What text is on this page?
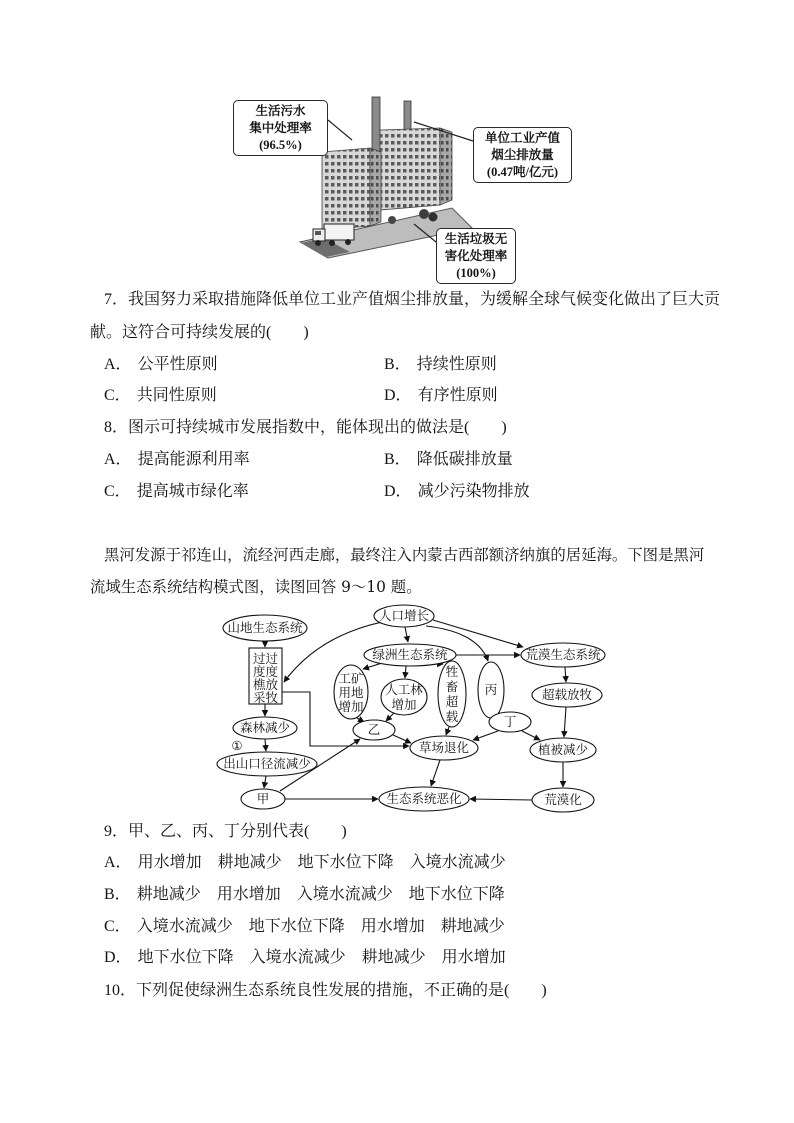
生活污水
集中处理率
(96.5%)	单位工业产值
烟尘排放量
(0.47吨/亿元)
生活垃圾无
害化处理率
(100%)
7．我国努力采取措施降低单位工业产值烟尘排放量，为缓解全球气候变化做出了巨大贡
献。这符合可持续发展的(　　)
A． 公平性原则	B． 持续性原则
C． 共同性原则	D． 有序性原则
8．图示可持续城市发展指数中，能体现出的做法是(　　)
A． 提高能源利用率	B． 降低碳排放量
C． 提高城市绿化率	D． 减少污染物排放
黑河发源于祁连山，流经河西走廊，最终注入内蒙古西部额济纳旗的居延海。下图是黑河
流域生态系统结构模式图，读图回答 9～10 题。
人口增长
山地生态系统
绿洲生态系统	荒漠生态系统
过过
度度
樵放
采牧
工矿
用地
增加
人工林
增加
牲
畜
超
载
丙	超载放牧
森林减少	乙
丁
①	草场退化	植被减少
出山口径流减少
甲	生态系统恶化	荒漠化
9．甲、乙、丙、丁分别代表(　　)
A． 用水增加　耕地减少　地下水位下降　入境水流减少
B． 耕地减少　用水增加　入境水流减少　地下水位下降
C． 入境水流减少　地下水位下降　用水增加　耕地减少
D． 地下水位下降　入境水流减少　耕地减少　用水增加
10．下列促使绿洲生态系统良性发展的措施，不正确的是(　　)
